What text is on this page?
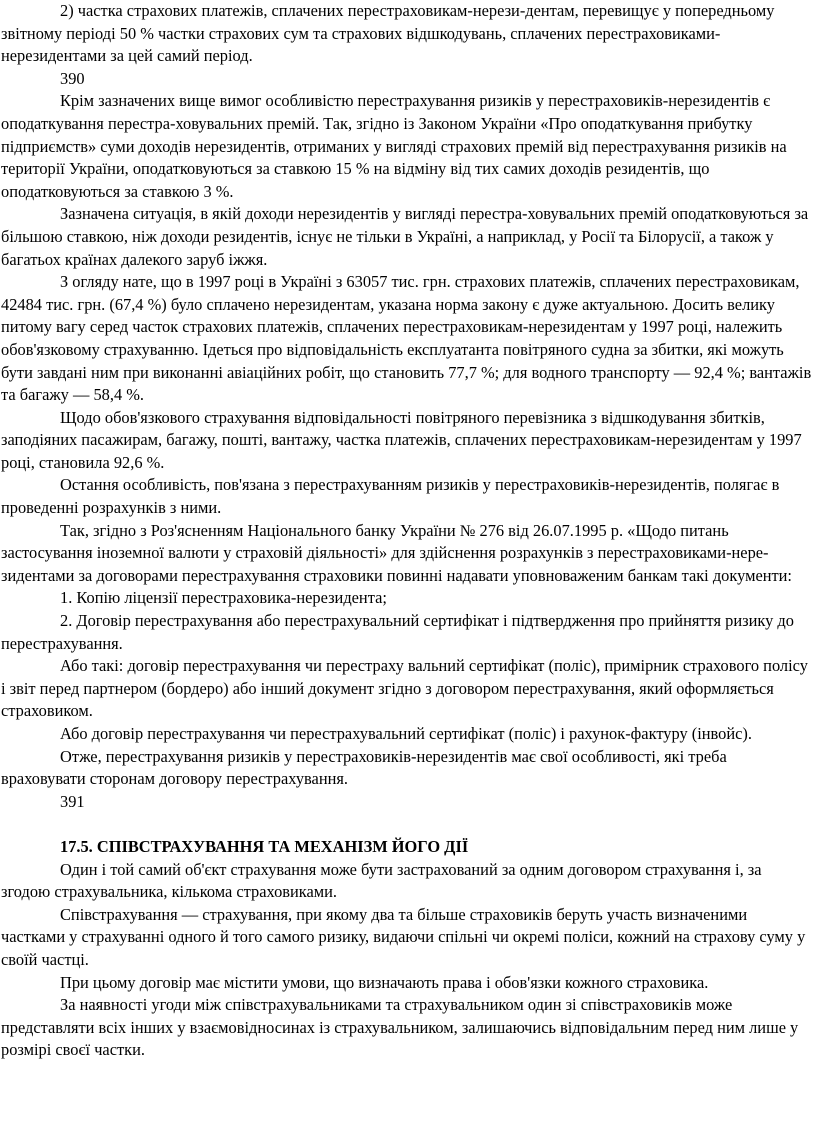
2) частка страхових платежів, сплачених перестраховикам-нерези-дентам, перевищує у попередньому звітному періоді 50 % частки страхових сум та страхових відшкодувань, сплачених перестраховиками-нерезидентами за цей самий період.

390

Крім зазначених вище вимог особливістю перестрахування ризиків у перестраховиків-нерезидентів є оподаткування перестра-ховувальних премій. Так, згідно із Законом України «Про оподаткування прибутку підприємств» суми доходів нерезидентів, отриманих у вигляді страхових премій від перестрахування ризиків на території України, оподатковуються за ставкою 15 % на відміну від тих самих доходів резидентів, що оподатковуються за ставкою 3 %.

Зазначена ситуація, в якій доходи нерезидентів у вигляді перестра-ховувальних премій оподатковуються за більшою ставкою, ніж доходи резидентів, існує не тільки в Україні, а наприклад, у Росії та Білорусії, а також у багатьох країнах далекого заруб іжжя.

З огляду нате, що в 1997 році в Україні з 63057 тис. грн. страхових платежів, сплачених перестраховикам, 42484 тис. грн. (67,4 %) було сплачено нерезидентам, указана норма закону є дуже актуальною. Досить велику питому вагу серед часток страхових платежів, сплачених перестраховикам-нерезидентам у 1997 році, належить обов'язковому страхуванню. Ідеться про відповідальність експлуатанта повітряного судна за збитки, які можуть бути завдані ним при виконанні авіаційних робіт, що становить 77,7 %; для водного транспорту — 92,4 %; вантажів та багажу — 58,4 %.

Щодо обов'язкового страхування відповідальності повітряного перевізника з відшкодування збитків, заподіяних пасажирам, багажу, пошті, вантажу, частка платежів, сплачених перестраховикам-нерезидентам у 1997 році, становила 92,6 %.

Остання особливість, пов'язана з перестрахуванням ризиків у перестраховиків-нерезидентів, полягає в проведенні розрахунків з ними.

Так, згідно з Роз'ясненням Національного банку України № 276 від 26.07.1995 р. «Щодо питань застосування іноземної валюти у страховій діяльності» для здійснення розрахунків з перестраховиками-нере-зидентами за договорами перестрахування страховики повинні надавати уповноваженим банкам такі документи:

1. Копію ліцензії перестраховика-нерезидента;

2. Договір перестрахування або перестрахувальний сертифікат і підтвердження про прийняття ризику до перестрахування.

Або такі: договір перестрахування чи перестраху вальний сертифікат (поліс), примірник страхового полісу і звіт перед партнером (бордеро) або інший документ згідно з договором перестрахування, який оформляється страховиком.

Або договір перестрахування чи перестрахувальний сертифікат (поліс) і рахунок-фактуру (інвойс).

Отже, перестрахування ризиків у перестраховиків-нерезидентів має свої особливості, які треба враховувати сторонам договору перестрахування.

391
17.5. СПІВСТРАХУВАННЯ ТА МЕХАНІЗМ ЙОГО ДІЇ

Один і той самий об'єкт страхування може бути застрахований за одним договором страхування і, за згодою страхувальника, кількома страховиками.

Співстрахування — страхування, при якому два та більше страховиків беруть участь визначеними частками у страхуванні одного й того самого ризику, видаючи спільні чи окремі поліси, кожний на страхову суму у своїй частці.

При цьому договір має містити умови, що визначають права і обов'язки кожного страховика.

За наявності угоди між співстрахувальниками та страхувальником один зі співстраховиків може представляти всіх інших у взаємовідносинах із страхувальником, залишаючись відповідальним перед ним лише у розмірі своєї частки.
